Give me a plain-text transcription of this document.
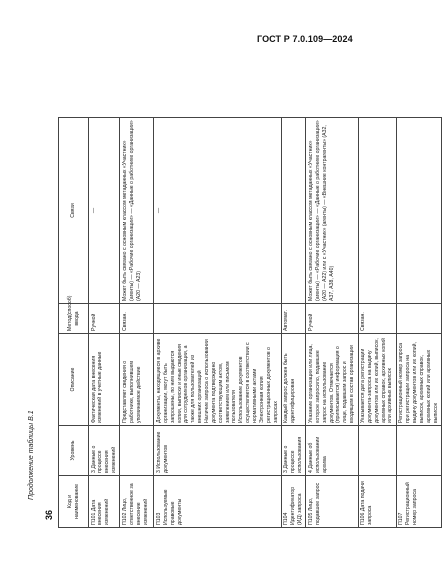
ГОСТ Р 7.0.109—2024
36
Продолжение таблицы В.1
Код и наименование	Уровень	Описание	Метод(способ) ввода	Связи
П101 Дата внесения изменений	3 Данные о процессе внесения изменений	Фактическая дата внесения изменений в учетные данные	Ручной	—
П102 Лицо, ответственное за внесение изменений		Представляет сведения о работнике, выполнившем упоминаемое действие	Связан.	Может быть связано с основным классом метаданных «Участник» (агенты) — «Рабочие организации» — «Данные о работнике организации» (А20 — А23)
П103 Используемые правовые документы	3 Использование документов	Документы, находящиеся в архиве организации, могут быть запрошены, по ним выдаются копии, выписки и иные сведения для сотрудников организации, а также для пользователей из внешних организаций Наличие запроса о использовании документа подтверждено соответствующим актом, заявлением или письмом пользователя Использование документов осуществляется в соответствии с нормативными актами Электронная копия регистрационных документов о запросах		—
П104 Идентификатор (ИД) запроса	3 Данные о процессе использования	Каждый запрос должен быть идентифицирован	Автомат.	
П105 Лицо, подавшее запрос	4 Данные об использовании архива	Указание организации или лица, которое запросило, подавшее запрос на использование документов. Отмечается (приписывается) информация о лице, подавшем запрос и входящем в состав организации	Ручной	Может быть связано с основным классом метаданных «Участник» (агенты) — «Рабочие организации» — «Данные о работнике организации» (А20 — А22) или с «Участник» (агенты) — «Внешние контрагенты» (А32, А37, А38, А40)
П106 Дата подачи запроса		Указывается дата регистрации документа-запроса на выдачу документов или их копий, выписок, архивных справок, архивных копий или архивных выписок	Связан.	
П107 Регистрационный номер запроса		Регистрационный номер запроса при регистрации запроса на выдачу документов или их копий, выписок, архивных справок, архивных копий или архивных выписок		
